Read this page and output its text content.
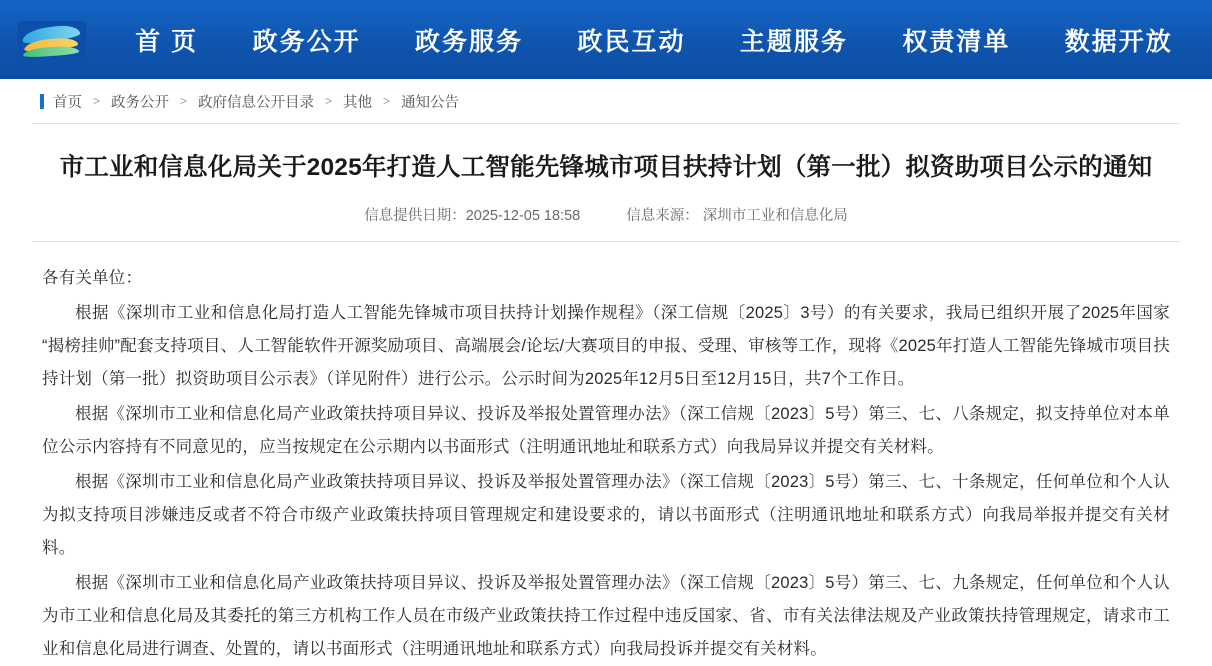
首 页 政务公开 政务服务 政民互动 主题服务 权责清单 数据开放
首页 > 政务公开 > 政府信息公开目录 > 其他 > 通知公告
市工业和信息化局关于2025年打造人工智能先锋城市项目扶持计划（第一批）拟资助项目公示的通知
信息提供日期：2025-12-05 18:58	信息来源： 深圳市工业和信息化局

各有关单位：

根据《深圳市工业和信息化局打造人工智能先锋城市项目扶持计划操作规程》（深工信规〔2025〕3号）的有关要求，我局已组织开展了2025年国家“揭榜挂帅”配套支持项目、人工智能软件开源奖励项目、高端展会/论坛/大赛项目的申报、受理、审核等工作，现将《2025年打造人工智能先锋城市项目扶持计划（第一批）拟资助项目公示表》（详见附件）进行公示。公示时间为2025年12月5日至12月15日，共7个工作日。

根据《深圳市工业和信息化局产业政策扶持项目异议、投诉及举报处置管理办法》（深工信规〔2023〕5号）第三、七、八条规定，拟支持单位对本单位公示内容持有不同意见的，应当按规定在公示期内以书面形式（注明通讯地址和联系方式）向我局异议并提交有关材料。

根据《深圳市工业和信息化局产业政策扶持项目异议、投诉及举报处置管理办法》（深工信规〔2023〕5号）第三、七、十条规定，任何单位和个人认为拟支持项目涉嫌违反或者不符合市级产业政策扶持项目管理规定和建设要求的，请以书面形式（注明通讯地址和联系方式）向我局举报并提交有关材料。

根据《深圳市工业和信息化局产业政策扶持项目异议、投诉及举报处置管理办法》（深工信规〔2023〕5号）第三、七、九条规定，任何单位和个人认为市工业和信息化局及其委托的第三方机构工作人员在市级产业政策扶持工作过程中违反国家、省、市有关法律法规及产业政策扶持管理规定，请求市工业和信息化局进行调查、处置的，请以书面形式（注明通讯地址和联系方式）向我局投诉并提交有关材料。
